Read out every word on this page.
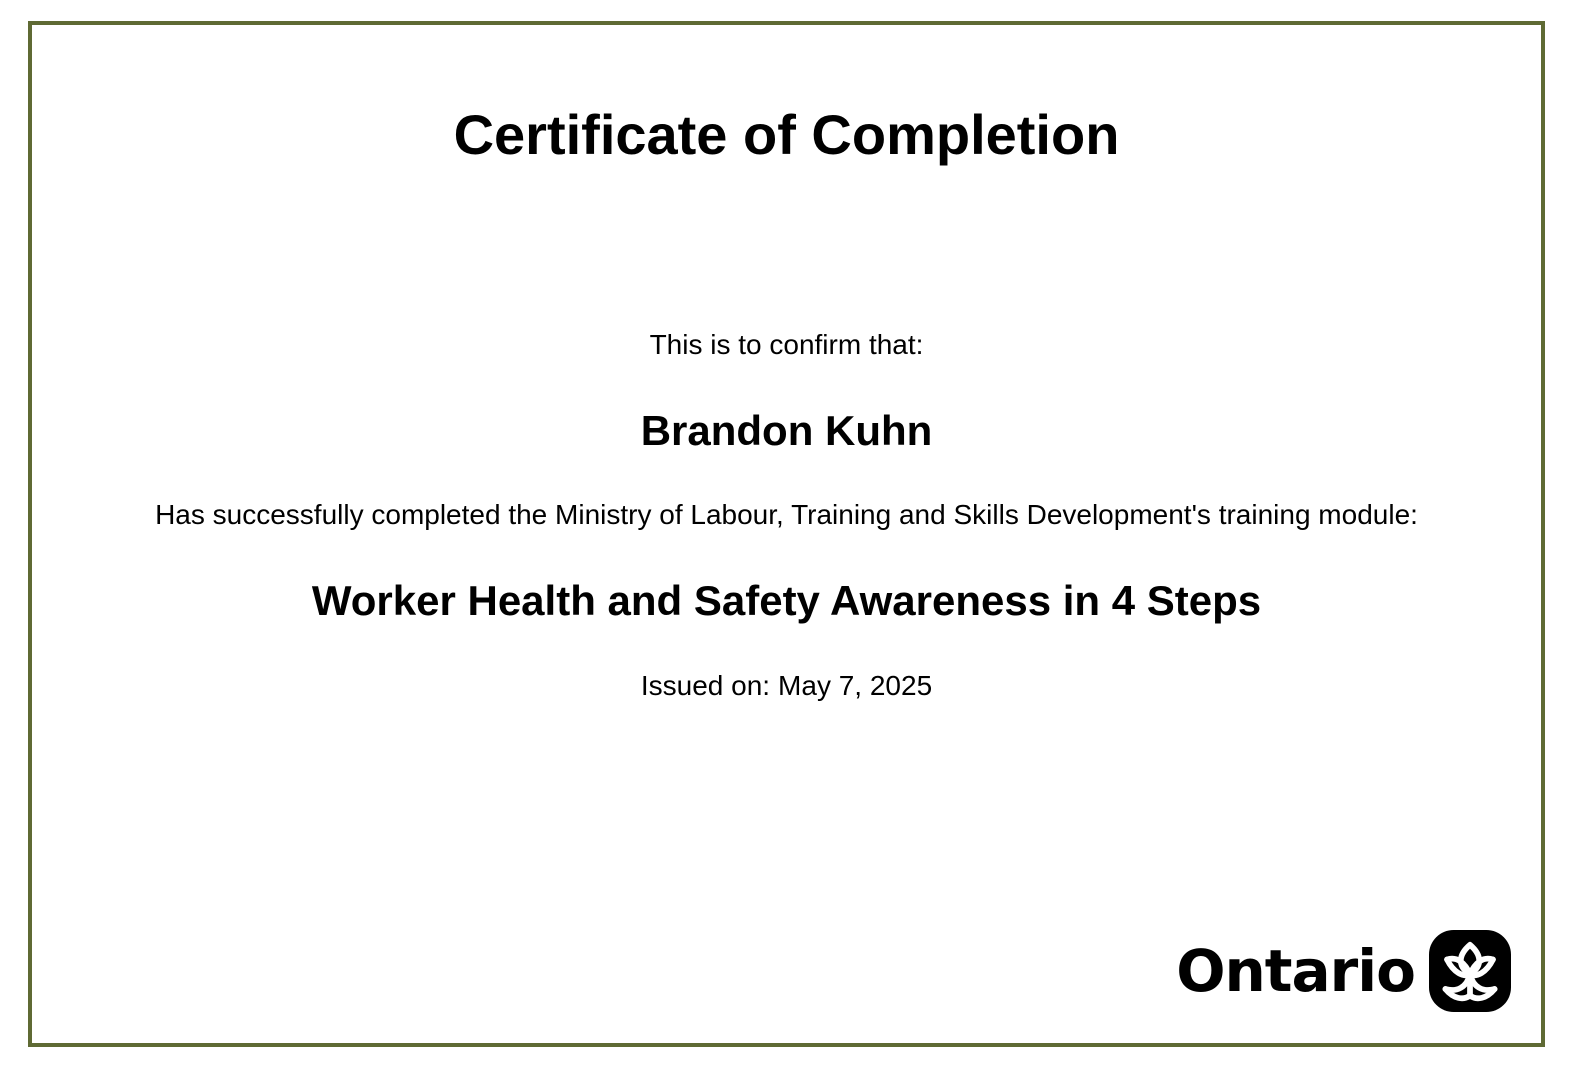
Certificate of Completion
This is to confirm that:
Brandon Kuhn
Has successfully completed the Ministry of Labour, Training and Skills Development's training module:
Worker Health and Safety Awareness in 4 Steps
Issued on: May 7, 2025
Ontario
